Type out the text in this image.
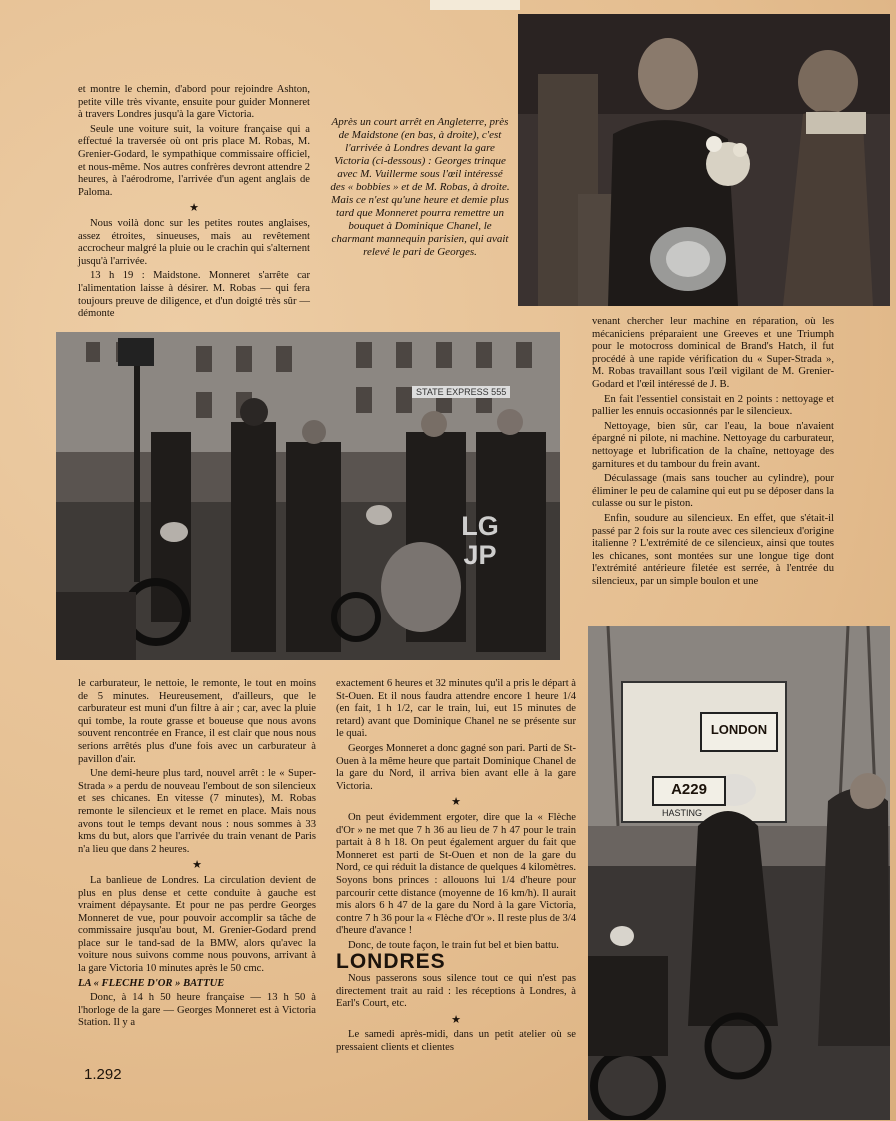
et montre le chemin, d'abord pour rejoindre Ashton, petite ville très vivante, ensuite pour guider Monneret à travers Londres jusqu'à la gare Victoria.

Seule une voiture suit, la voiture française qui a effectué la traversée où ont pris place M. Robas, M. Grenier-Godard, le sympathique commissaire officiel, et nous-même. Nos autres confrères devront attendre 2 heures, à l'aérodrome, l'arrivée d'un agent anglais de Paloma.

★

Nous voilà donc sur les petites routes anglaises, assez étroites, sinueuses, mais au revêtement accrocheur malgré la pluie ou le crachin qui s'alternent jusqu'à l'arrivée.

13 h 19 : Maidstone. Monneret s'arrête car l'alimentation laisse à désirer. M. Robas — qui fera toujours preuve de diligence, et d'un doigté très sûr — démonte

Après un court arrêt en Angleterre, près de Maidstone (en bas, à droite), c'est l'arrivée à Londres devant la gare Victoria (ci-dessous) : Georges trinque avec M. Vuillerme sous l'œil intéressé des « bobbies » et de M. Robas, à droite. Mais ce n'est qu'une heure et demie plus tard que Monneret pourra remettre un bouquet à Dominique Chanel, le charmant mannequin parisien, qui avait relevé le pari de Georges.
STATE EXPRESS 555
LG
JP

venant chercher leur machine en réparation, où les mécaniciens préparaient une Greeves et une Triumph pour le motocross dominical de Brand's Hatch, il fut procédé à une rapide vérification du « Super-Strada », M. Robas travaillant sous l'œil vigilant de M. Grenier-Godard et l'œil intéressé de J. B.

En fait l'essentiel consistait en 2 points : nettoyage et pallier les ennuis occasionnés par le silencieux.

Nettoyage, bien sûr, car l'eau, la boue n'avaient épargné ni pilote, ni machine. Nettoyage du carburateur, nettoyage et lubrification de la chaîne, nettoyage des garnitures et du tambour du frein avant.

Déculassage (mais sans toucher au cylindre), pour éliminer le peu de calamine qui eut pu se déposer dans la culasse ou sur le piston.

Enfin, soudure au silencieux. En effet, que s'était-il passé par 2 fois sur la route avec ces silencieux d'origine italienne ? L'extrémité de ce silencieux, ainsi que toutes les chicanes, sont montées sur une longue tige dont l'extrémité antérieure filetée est serrée, à l'entrée du silencieux, par un simple boulon et une

le carburateur, le nettoie, le remonte, le tout en moins de 5 minutes. Heureusement, d'ailleurs, que le carburateur est muni d'un filtre à air ; car, avec la pluie qui tombe, la route grasse et boueuse que nous avons souvent rencontrée en France, il est clair que nous nous serions arrêtés plus d'une fois avec un carburateur à pavillon d'air.

Une demi-heure plus tard, nouvel arrêt : le « Super-Strada » a perdu de nouveau l'embout de son silencieux et ses chicanes. En vitesse (7 minutes), M. Robas remonte le silencieux et le remet en place. Mais nous avons tout le temps devant nous : nous sommes à 33 kms du but, alors que l'arrivée du train venant de Paris n'a lieu que dans 2 heures.

★

La banlieue de Londres. La circulation devient de plus en plus dense et cette conduite à gauche est vraiment dépaysante. Et pour ne pas perdre Georges Monneret de vue, pour pouvoir accomplir sa tâche de commissaire jusqu'au bout, M. Grenier-Godard prend place sur le tand-sad de la BMW, alors qu'avec la voiture nous suivons comme nous pouvons, arrivant à la gare Victoria 10 minutes après le 50 cmc.

LA « FLECHE D'OR » BATTUE

Donc, à 14 h 50 heure française — 13 h 50 à l'horloge de la gare — Georges Monneret est à Victoria Station. Il y a

exactement 6 heures et 32 minutes qu'il a pris le départ à St-Ouen. Et il nous faudra attendre encore 1 heure 1/4 (en fait, 1 h 1/2, car le train, lui, eut 15 minutes de retard) avant que Dominique Chanel ne se présente sur le quai.

Georges Monneret a donc gagné son pari. Parti de St-Ouen à la même heure que partait Dominique Chanel de la gare du Nord, il arriva bien avant elle à la gare Victoria.

★

On peut évidemment ergoter, dire que la « Flèche d'Or » ne met que 7 h 36 au lieu de 7 h 47 pour le train partait à 8 h 18. On peut également arguer du fait que Monneret est parti de St-Ouen et non de la gare du Nord, ce qui réduit la distance de quelques 4 kilomètres. Soyons bons princes : allouons lui 1/4 d'heure pour parcourir cette distance (moyenne de 16 km/h). Il aurait mis alors 6 h 47 de la gare du Nord à la gare Victoria, contre 7 h 36 pour la « Flèche d'Or ». Il reste plus de 3/4 d'heure d'avance !

Donc, de toute façon, le train fut bel et bien battu.

LONDRES

Nous passerons sous silence tout ce qui n'est pas directement trait au raid : les réceptions à Londres, à Earl's Court, etc.

★

Le samedi après-midi, dans un petit atelier où se pressaient clients et clientes

LONDON
A229
HASTING
1.292
